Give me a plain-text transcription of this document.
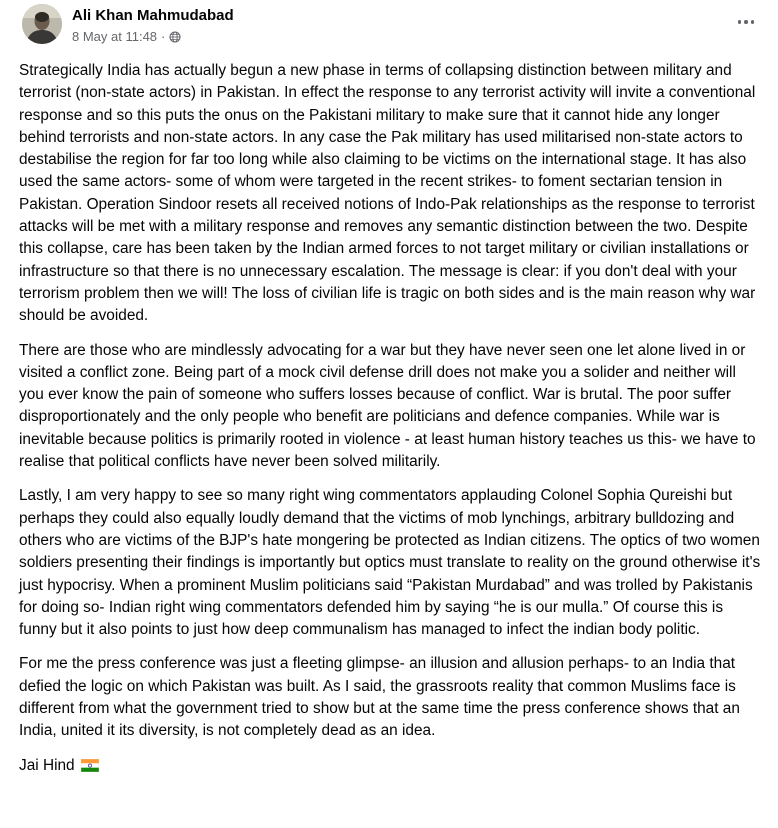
Ali Khan Mahmudabad
8 May at 11:48 ·

Strategically India has actually begun a new phase in terms of collapsing distinction between military and terrorist (non-state actors) in Pakistan. In effect the response to any terrorist activity will invite a conventional response and so this puts the onus on the Pakistani military to make sure that it cannot hide any longer behind terrorists and non-state actors. In any case the Pak military has used militarised non-state actors to destabilise the region for far too long while also claiming to be victims on the international stage. It has also used the same actors- some of whom were targeted in the recent strikes- to foment sectarian tension in Pakistan. Operation Sindoor resets all received notions of Indo-Pak relationships as the response to terrorist attacks will be met with a military response and removes any semantic distinction between the two. Despite this collapse, care has been taken by the Indian armed forces to not target military or civilian installations or infrastructure so that there is no unnecessary escalation. The message is clear: if you don't deal with your terrorism problem then we will! The loss of civilian life is tragic on both sides and is the main reason why war should be avoided.

There are those who are mindlessly advocating for a war but they have never seen one let alone lived in or visited a conflict zone. Being part of a mock civil defense drill does not make you a solider and neither will you ever know the pain of someone who suffers losses because of conflict. War is brutal. The poor suffer disproportionately and the only people who benefit are politicians and defence companies. While war is inevitable because politics is primarily rooted in violence - at least human history teaches us this- we have to realise that political conflicts have never been solved militarily.

Lastly, I am very happy to see so many right wing commentators applauding Colonel Sophia Qureishi but perhaps they could also equally loudly demand that the victims of mob lynchings, arbitrary bulldozing and others who are victims of the BJP's hate mongering be protected as Indian citizens. The optics of two women soldiers presenting their findings is importantly but optics must translate to reality on the ground otherwise it's just hypocrisy. When a prominent Muslim politicians said “Pakistan Murdabad” and was trolled by Pakistanis for doing so- Indian right wing commentators defended him by saying “he is our mulla.” Of course this is funny but it also points to just how deep communalism has managed to infect the indian body politic.

For me the press conference was just a fleeting glimpse- an illusion and allusion perhaps- to an India that defied the logic on which Pakistan was built. As I said, the grassroots reality that common Muslims face is different from what the government tried to show but at the same time the press conference shows that an India, united it its diversity, is not completely dead as an idea.

Jai Hind
